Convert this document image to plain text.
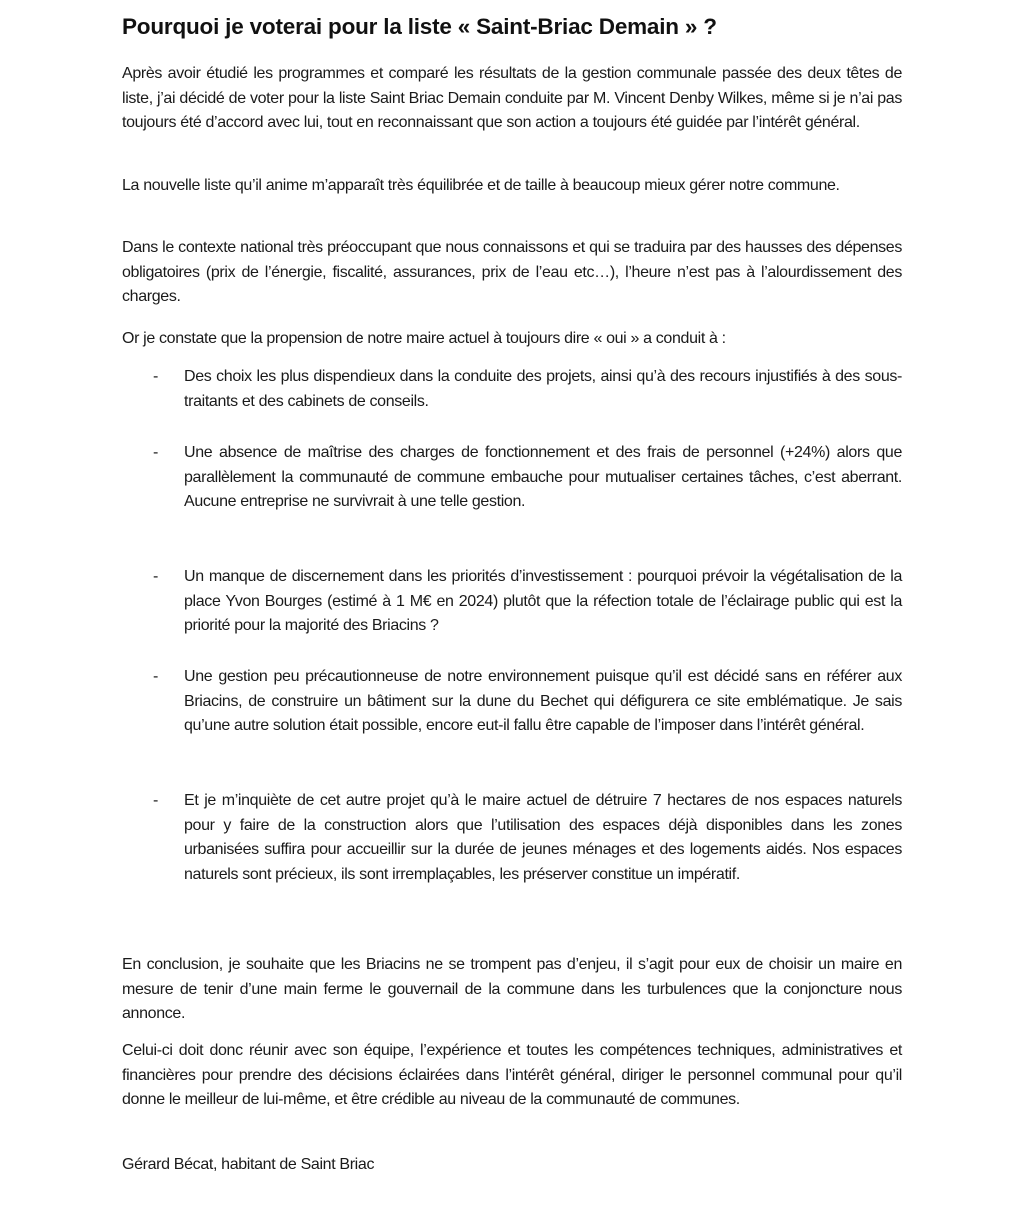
Pourquoi je voterai pour la liste « Saint-Briac Demain » ?

Après avoir étudié les programmes et comparé les résultats de la gestion communale passée des deux têtes de liste, j’ai décidé de voter pour la liste Saint Briac Demain conduite par M. Vincent Denby Wilkes, même si je n’ai pas toujours été d’accord avec lui, tout en reconnaissant que son action a toujours été guidée par l’intérêt général.

La nouvelle liste qu’il anime m’apparaît très équilibrée et de taille à beaucoup mieux gérer notre commune.

Dans le contexte national très préoccupant que nous connaissons et qui se traduira par des hausses des dépenses obligatoires (prix de l’énergie, fiscalité, assurances, prix de l’eau etc…), l’heure n’est pas à l’alourdissement des charges.

Or je constate que la propension de notre maire actuel à toujours dire « oui » a conduit à :

- Des choix les plus dispendieux dans la conduite des projets, ainsi qu’à des recours injustifiés à des sous-traitants et des cabinets de conseils.
- Une absence de maîtrise des charges de fonctionnement et des frais de personnel (+24%) alors que parallèlement la communauté de commune embauche pour mutualiser certaines tâches, c’est aberrant. Aucune entreprise ne survivrait à une telle gestion.
- Un manque de discernement dans les priorités d’investissement : pourquoi prévoir la végétalisation de la place Yvon Bourges (estimé à 1 M€ en 2024) plutôt que la réfection totale de l’éclairage public qui est la priorité pour la majorité des Briacins ?
- Une gestion peu précautionneuse de notre environnement puisque qu’il est décidé sans en référer aux Briacins, de construire un bâtiment sur la dune du Bechet qui défigurera ce site emblématique. Je sais qu’une autre solution était possible, encore eut-il fallu être capable de l’imposer dans l’intérêt général.
- Et je m’inquiète de cet autre projet qu’à le maire actuel de détruire 7 hectares de nos espaces naturels pour y faire de la construction alors que l’utilisation des espaces déjà disponibles dans les zones urbanisées suffira pour accueillir sur la durée de jeunes ménages et des logements aidés. Nos espaces naturels sont précieux, ils sont irremplaçables, les préserver constitue un impératif.

En conclusion, je souhaite que les Briacins ne se trompent pas d’enjeu, il s’agit pour eux de choisir un maire en mesure de tenir d’une main ferme le gouvernail de la commune dans les turbulences que la conjoncture nous annonce.

Celui-ci doit donc réunir avec son équipe, l’expérience et toutes les compétences techniques, administratives et financières pour prendre des décisions éclairées dans l’intérêt général, diriger le personnel communal pour qu’il donne le meilleur de lui-même, et être crédible au niveau de la communauté de communes.

Gérard Bécat, habitant de Saint Briac
